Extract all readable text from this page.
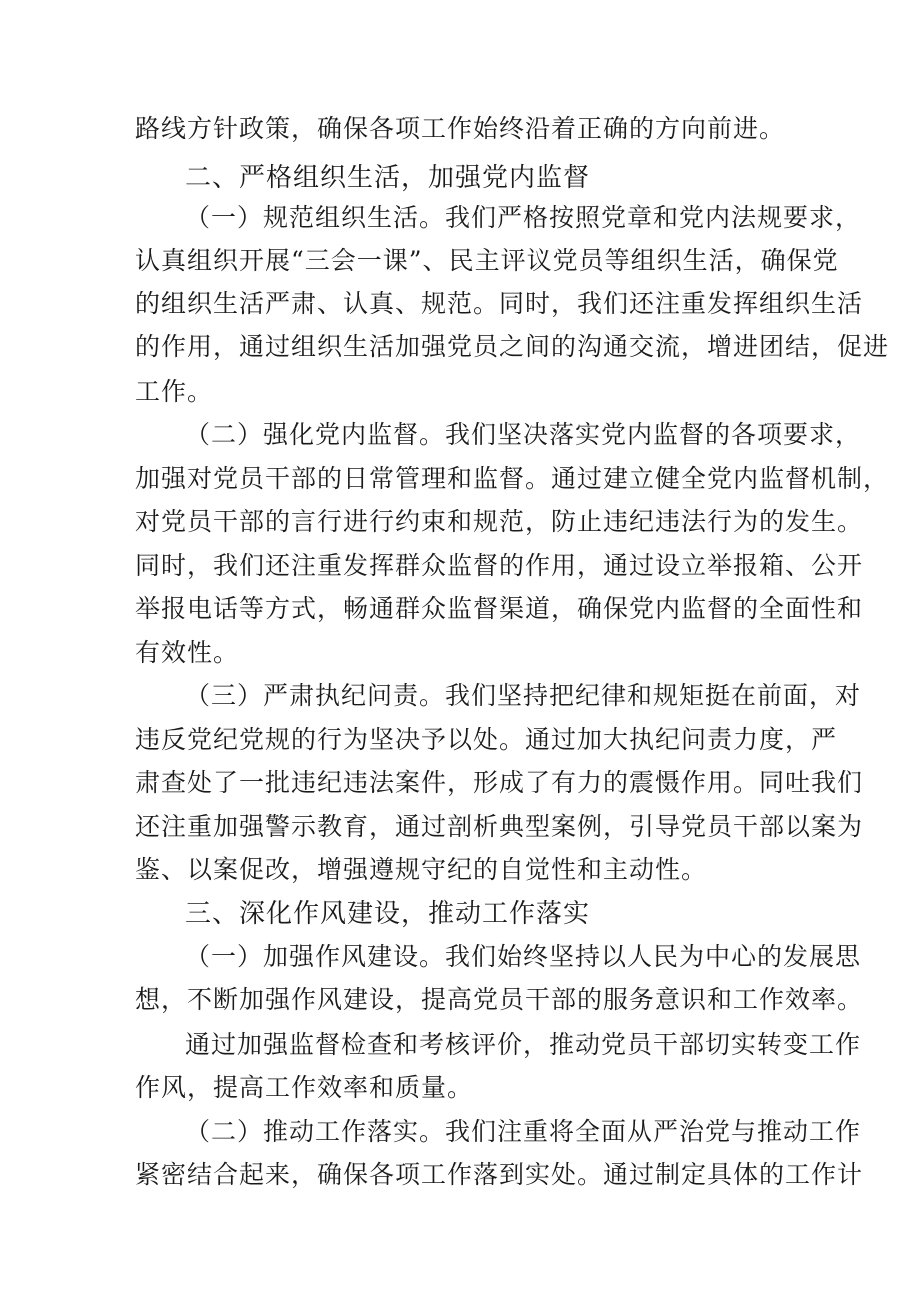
路线方针政策，确保各项工作始终沿着正确的方向前进。
二、严格组织生活，加强党内监督
（一）规范组织生活。我们严格按照党章和党内法规要求，
认真组织开展“三会一课”、民主评议党员等组织生活，确保党
的组织生活严肃、认真、规范。同时，我们还注重发挥组织生活
的作用，通过组织生活加强党员之间的沟通交流，增进团结，促进
工作。
（二）强化党内监督。我们坚决落实党内监督的各项要求，
加强对党员干部的日常管理和监督。通过建立健全党内监督机制，
对党员干部的言行进行约束和规范，防止违纪违法行为的发生。
同时，我们还注重发挥群众监督的作用，通过设立举报箱、公开
举报电话等方式，畅通群众监督渠道，确保党内监督的全面性和
有效性。
（三）严肃执纪问责。我们坚持把纪律和规矩挺在前面，对
违反党纪党规的行为坚决予以处。通过加大执纪问责力度，严
肃查处了一批违纪违法案件，形成了有力的震慑作用。同吐我们
还注重加强警示教育，通过剖析典型案例，引导党员干部以案为
鉴、以案促改，增强遵规守纪的自觉性和主动性。
三、深化作风建设，推动工作落实
（一）加强作风建设。我们始终坚持以人民为中心的发展思
想，不断加强作风建设，提高党员干部的服务意识和工作效率。
通过加强监督检查和考核评价，推动党员干部切实转变工作
作风，提高工作效率和质量。
（二）推动工作落实。我们注重将全面从严治党与推动工作
紧密结合起来，确保各项工作落到实处。通过制定具体的工作计
